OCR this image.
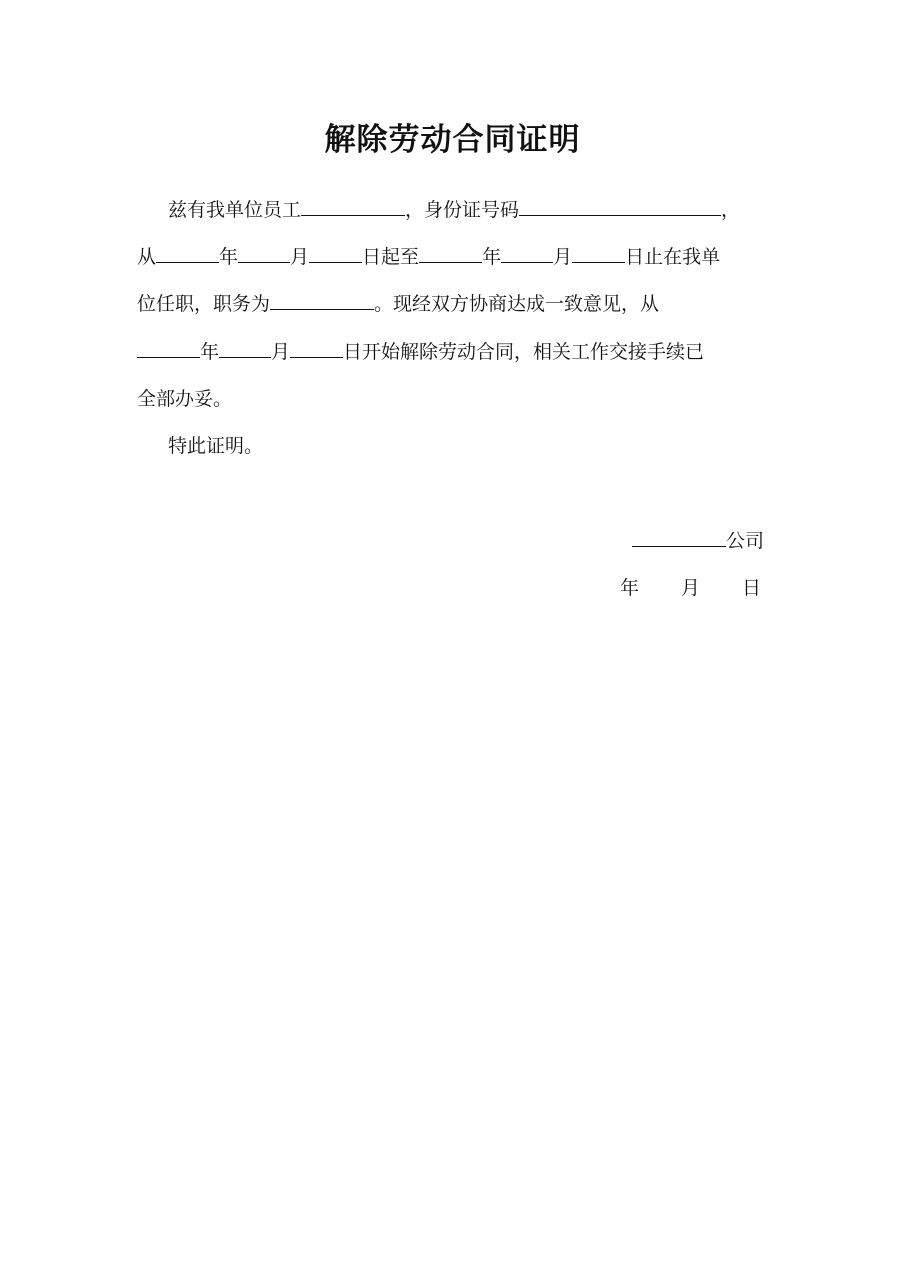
解除劳动合同证明
兹有我单位员工	，身份证号码	，
从	年	月	日起至	年	月	日止在我单
位任职，职务为	。现经双方协商达成一致意见，从
年	月	日开始解除劳动合同，相关工作交接手续已
全部办妥。
特此证明。
公司
年 月 日
